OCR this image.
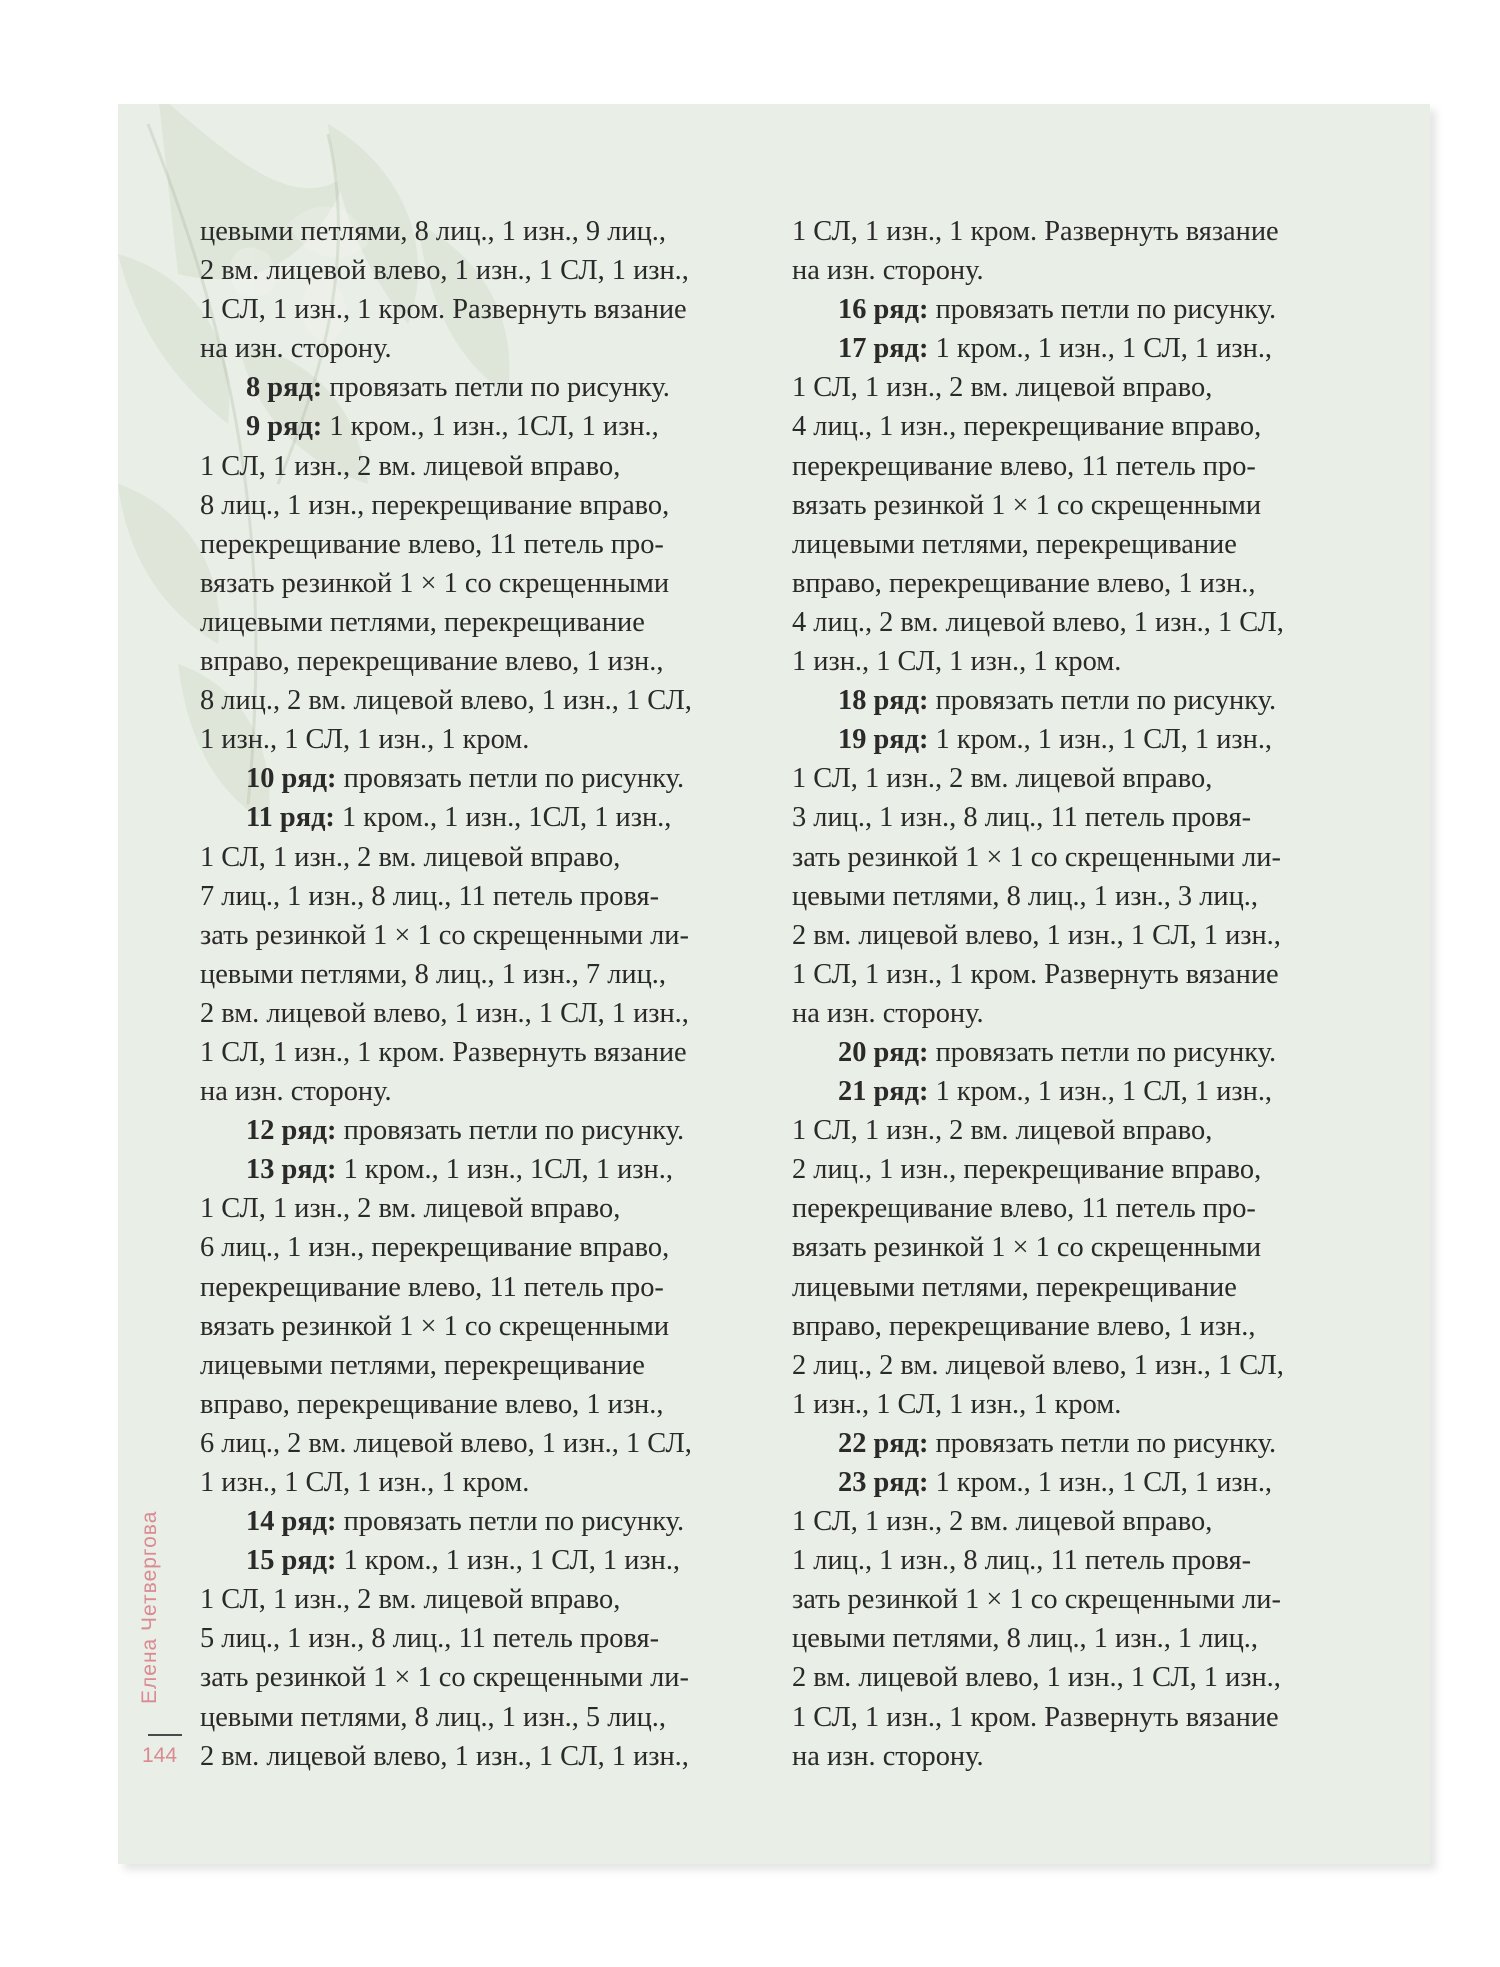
цевыми петлями, 8 лиц., 1 изн., 9 лиц.,
2 вм. лицевой влево, 1 изн., 1 СЛ, 1 изн.,
1 СЛ, 1 изн., 1 кром. Развернуть вязание
на изн. сторону.
8 ряд: провязать петли по рисунку.
9 ряд: 1 кром., 1 изн., 1СЛ, 1 изн.,
1 СЛ, 1 изн., 2 вм. лицевой вправо,
8 лиц., 1 изн., перекрещивание вправо,
перекрещивание влево, 11 петель про-
вязать резинкой 1 × 1 со скрещенными
лицевыми петлями, перекрещивание
вправо, перекрещивание влево, 1 изн.,
8 лиц., 2 вм. лицевой влево, 1 изн., 1 СЛ,
1 изн., 1 СЛ, 1 изн., 1 кром.
10 ряд: провязать петли по рисунку.
11 ряд: 1 кром., 1 изн., 1СЛ, 1 изн.,
1 СЛ, 1 изн., 2 вм. лицевой вправо,
7 лиц., 1 изн., 8 лиц., 11 петель провя-
зать резинкой 1 × 1 со скрещенными ли-
цевыми петлями, 8 лиц., 1 изн., 7 лиц.,
2 вм. лицевой влево, 1 изн., 1 СЛ, 1 изн.,
1 СЛ, 1 изн., 1 кром. Развернуть вязание
на изн. сторону.
12 ряд: провязать петли по рисунку.
13 ряд: 1 кром., 1 изн., 1СЛ, 1 изн.,
1 СЛ, 1 изн., 2 вм. лицевой вправо,
6 лиц., 1 изн., перекрещивание вправо,
перекрещивание влево, 11 петель про-
вязать резинкой 1 × 1 со скрещенными
лицевыми петлями, перекрещивание
вправо, перекрещивание влево, 1 изн.,
6 лиц., 2 вм. лицевой влево, 1 изн., 1 СЛ,
1 изн., 1 СЛ, 1 изн., 1 кром.
14 ряд: провязать петли по рисунку.
15 ряд: 1 кром., 1 изн., 1 СЛ, 1 изн.,
1 СЛ, 1 изн., 2 вм. лицевой вправо,
5 лиц., 1 изн., 8 лиц., 11 петель провя-
зать резинкой 1 × 1 со скрещенными ли-
цевыми петлями, 8 лиц., 1 изн., 5 лиц.,
2 вм. лицевой влево, 1 изн., 1 СЛ, 1 изн.,
1 СЛ, 1 изн., 1 кром. Развернуть вязание
на изн. сторону.
16 ряд: провязать петли по рисунку.
17 ряд: 1 кром., 1 изн., 1 СЛ, 1 изн.,
1 СЛ, 1 изн., 2 вм. лицевой вправо,
4 лиц., 1 изн., перекрещивание вправо,
перекрещивание влево, 11 петель про-
вязать резинкой 1 × 1 со скрещенными
лицевыми петлями, перекрещивание
вправо, перекрещивание влево, 1 изн.,
4 лиц., 2 вм. лицевой влево, 1 изн., 1 СЛ,
1 изн., 1 СЛ, 1 изн., 1 кром.
18 ряд: провязать петли по рисунку.
19 ряд: 1 кром., 1 изн., 1 СЛ, 1 изн.,
1 СЛ, 1 изн., 2 вм. лицевой вправо,
3 лиц., 1 изн., 8 лиц., 11 петель провя-
зать резинкой 1 × 1 со скрещенными ли-
цевыми петлями, 8 лиц., 1 изн., 3 лиц.,
2 вм. лицевой влево, 1 изн., 1 СЛ, 1 изн.,
1 СЛ, 1 изн., 1 кром. Развернуть вязание
на изн. сторону.
20 ряд: провязать петли по рисунку.
21 ряд: 1 кром., 1 изн., 1 СЛ, 1 изн.,
1 СЛ, 1 изн., 2 вм. лицевой вправо,
2 лиц., 1 изн., перекрещивание вправо,
перекрещивание влево, 11 петель про-
вязать резинкой 1 × 1 со скрещенными
лицевыми петлями, перекрещивание
вправо, перекрещивание влево, 1 изн.,
2 лиц., 2 вм. лицевой влево, 1 изн., 1 СЛ,
1 изн., 1 СЛ, 1 изн., 1 кром.
22 ряд: провязать петли по рисунку.
23 ряд: 1 кром., 1 изн., 1 СЛ, 1 изн.,
1 СЛ, 1 изн., 2 вм. лицевой вправо,
1 лиц., 1 изн., 8 лиц., 11 петель провя-
зать резинкой 1 × 1 со скрещенными ли-
цевыми петлями, 8 лиц., 1 изн., 1 лиц.,
2 вм. лицевой влево, 1 изн., 1 СЛ, 1 изн.,
1 СЛ, 1 изн., 1 кром. Развернуть вязание
на изн. сторону.
Елена Четвергова
144
